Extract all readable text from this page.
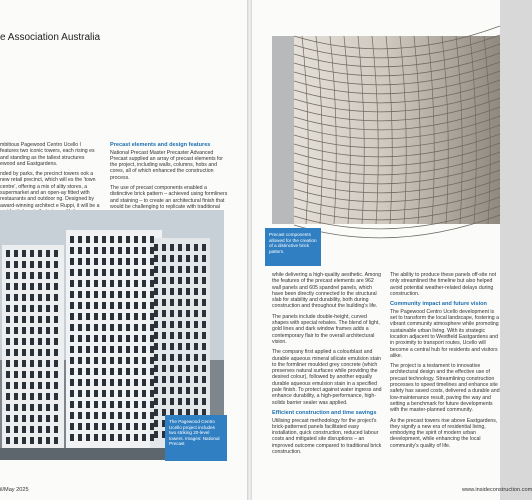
e Association Australia

mbitious Pagewood Centro Ucello l features two iconic towers, each rising es and standing as the tallest structures ewood and Eastgardens.

nded by parks, the precinct towers ook a new retail precinct, which will es the 'town centre', offering a mix of ality stores, a supermarket and an open-ay fitted with restaurants and outdoor ng. Designed by award-winning architect e Ruppi, it will be a

Precast elements and design features

National Precast Master Precaster Advanced Precast supplied an array of precast elements for the project, including walls, columns, hobs and cores, all of which enhanced the construction process.

The use of precast components enabled a distinctive brick pattern – achieved using formliners and staining – to create an architectural finish that would be challenging to replicate with traditional

The Pagewood Centro Ucello project includes two striking 20-level towers. Images: National Precast
il/May 2025
Precast components allowed for the creation of a distinctive brick pattern.

while delivering a high-quality aesthetic. Among the features of the precast elements are 962 wall panels and 605 spandrel panels, which have been directly connected to the structural slab for stability and durability, both during construction and throughout the building's life.

The panels include double-height, curved shapes with special rebates. The blend of light, gold lines and dark window frames adds a contemporary flair to the overall architectural vision.

The company first applied a colourblast and durable aqueous mineral silicate emulsion stain to the formliner moulded grey concrete (which preserves natural surfaces while providing the desired colour), followed by another equally durable aqueous emulsion stain in a specified pale finish. To protect against water ingress and enhance durability, a high-performance, high-solids barrier sealer was applied.

Efficient construction and time savings

Utilising precast methodology for the project's brick-patterned panels facilitated easy installation, quick construction, reduced labour costs and mitigated site disruptions – an improved outcome compared to traditional brick construction.

The ability to produce these panels off-site not only streamlined the timeline but also helped avoid potential weather-related delays during construction.

Community impact and future vision

The Pagewood Centro Ucello development is set to transform the local landscape, fostering a vibrant community atmosphere while promoting sustainable urban living. With its strategic location adjacent to Westfield Eastgardens and in proximity to transport routes, Ucello will become a central hub for residents and visitors alike.

The project is a testament to innovative architectural design and the effective use of precast technology. Streamlining construction processes to speed timelines and enhance site safety has saved costs, delivered a durable and low-maintenance result, paving the way and setting a benchmark for future developments with the master-planned community.

As the precast towers rise above Eastgardens, they signify a new era of residential living, embodying the spirit of modern urban development, while enhancing the local community's quality of life.

www.insideconstruction.com
